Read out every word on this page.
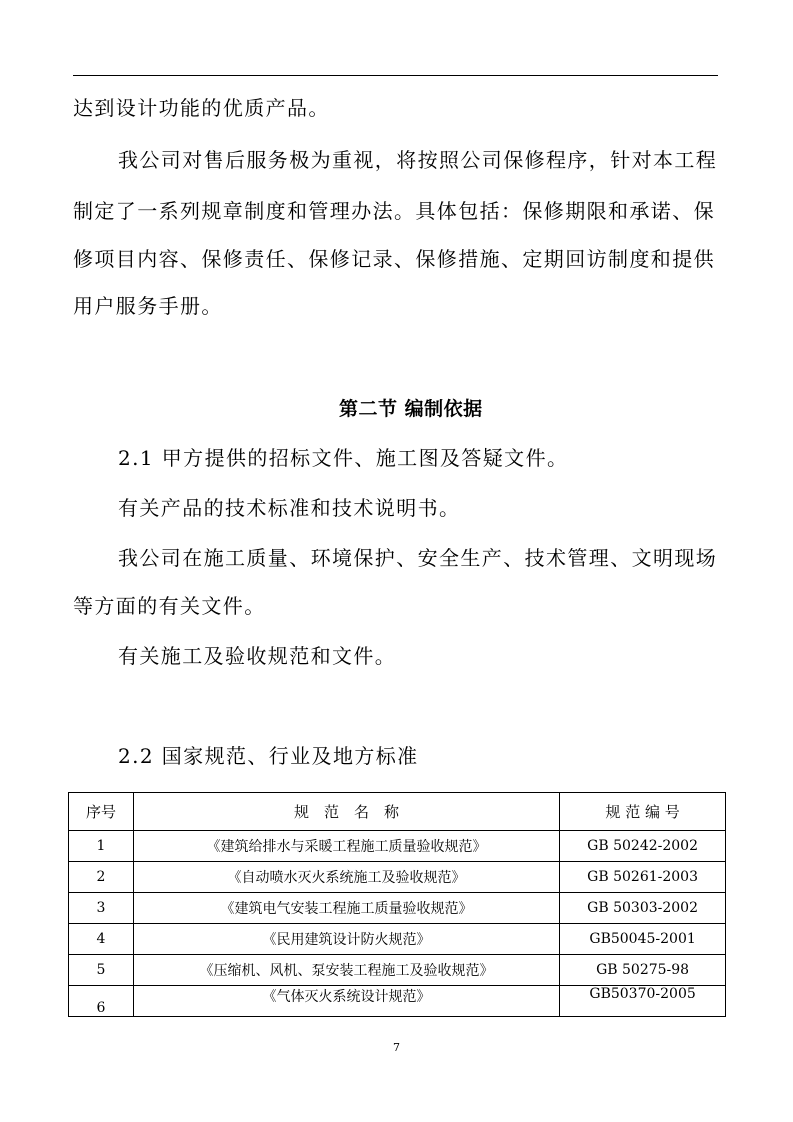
达到设计功能的优质产品。
我公司对售后服务极为重视，将按照公司保修程序，针对本工程
制定了一系列规章制度和管理办法。具体包括：保修期限和承诺、保
修项目内容、保修责任、保修记录、保修措施、定期回访制度和提供
用户服务手册。
第二节 编制依据
2.1 甲方提供的招标文件、施工图及答疑文件。
有关产品的技术标准和技术说明书。
我公司在施工质量、环境保护、安全生产、技术管理、文明现场
等方面的有关文件。
有关施工及验收规范和文件。
2.2 国家规范、行业及地方标准
序号	规　范　名　称	规 范 编 号
1	《建筑给排水与采暖工程施工质量验收规范》	GB 50242-2002
2	《自动喷水灭火系统施工及验收规范》	GB 50261-2003
3	《建筑电气安装工程施工质量验收规范》	GB 50303-2002
4	《民用建筑设计防火规范》	GB50045-2001
5	《压缩机、风机、泵安装工程施工及验收规范》	GB 50275-98
6	《气体灭火系统设计规范》	GB50370-2005
7
